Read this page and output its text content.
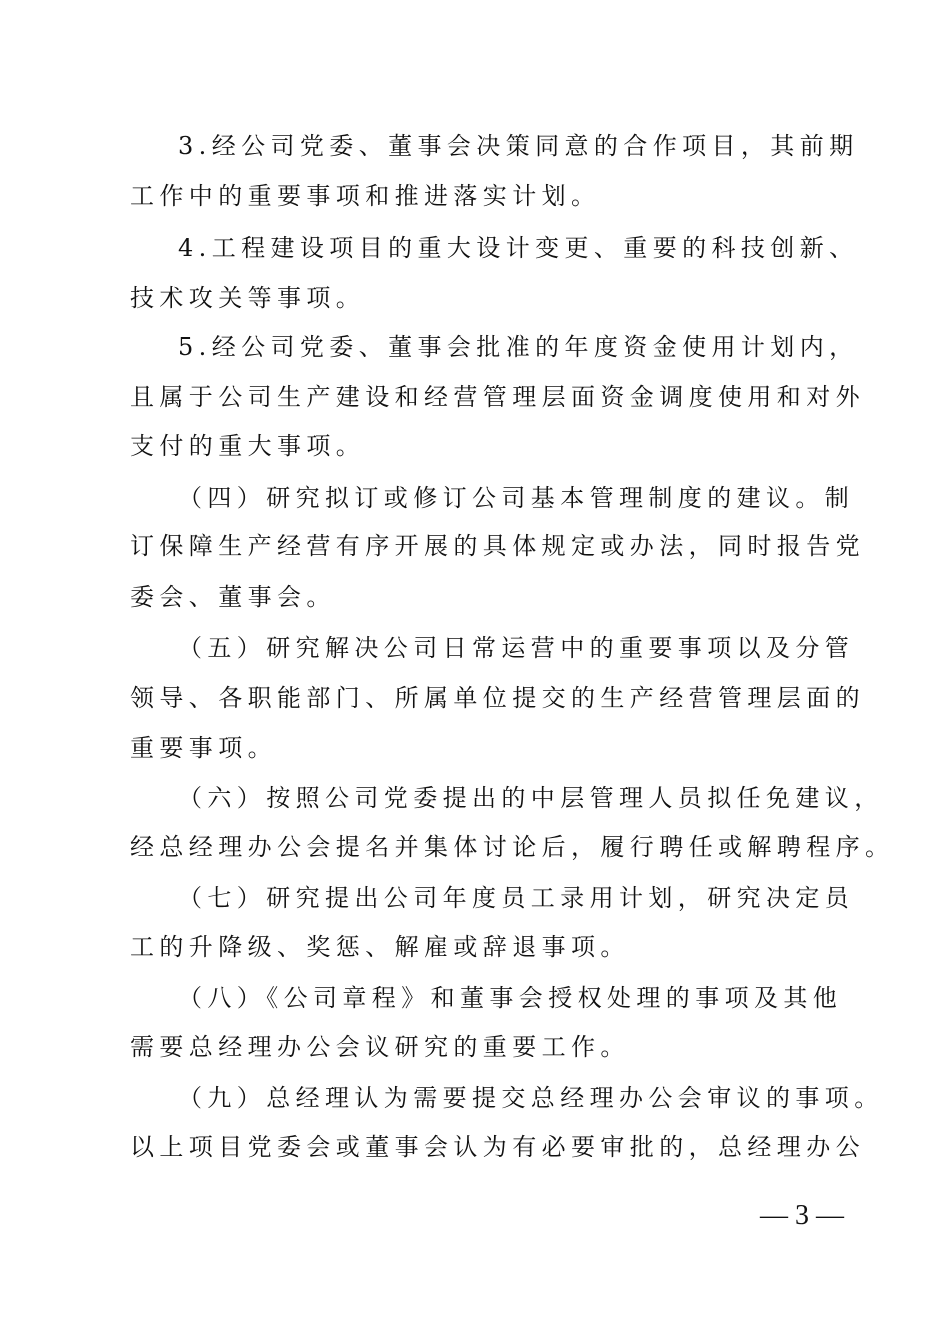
3.经公司党委、董事会决策同意的合作项目，其前期
工作中的重要事项和推进落实计划。
4.工程建设项目的重大设计变更、重要的科技创新、
技术攻关等事项。
5.经公司党委、董事会批准的年度资金使用计划内，
且属于公司生产建设和经营管理层面资金调度使用和对外
支付的重大事项。
（四）研究拟订或修订公司基本管理制度的建议。制
订保障生产经营有序开展的具体规定或办法，同时报告党
委会、董事会。
（五）研究解决公司日常运营中的重要事项以及分管
领导、各职能部门、所属单位提交的生产经营管理层面的
重要事项。
（六）按照公司党委提出的中层管理人员拟任免建议，
经总经理办公会提名并集体讨论后，履行聘任或解聘程序。
（七）研究提出公司年度员工录用计划，研究决定员
工的升降级、奖惩、解雇或辞退事项。
（八）《公司章程》和董事会授权处理的事项及其他
需要总经理办公会议研究的重要工作。
（九）总经理认为需要提交总经理办公会审议的事项。
以上项目党委会或董事会认为有必要审批的，总经理办公
— 3 —
